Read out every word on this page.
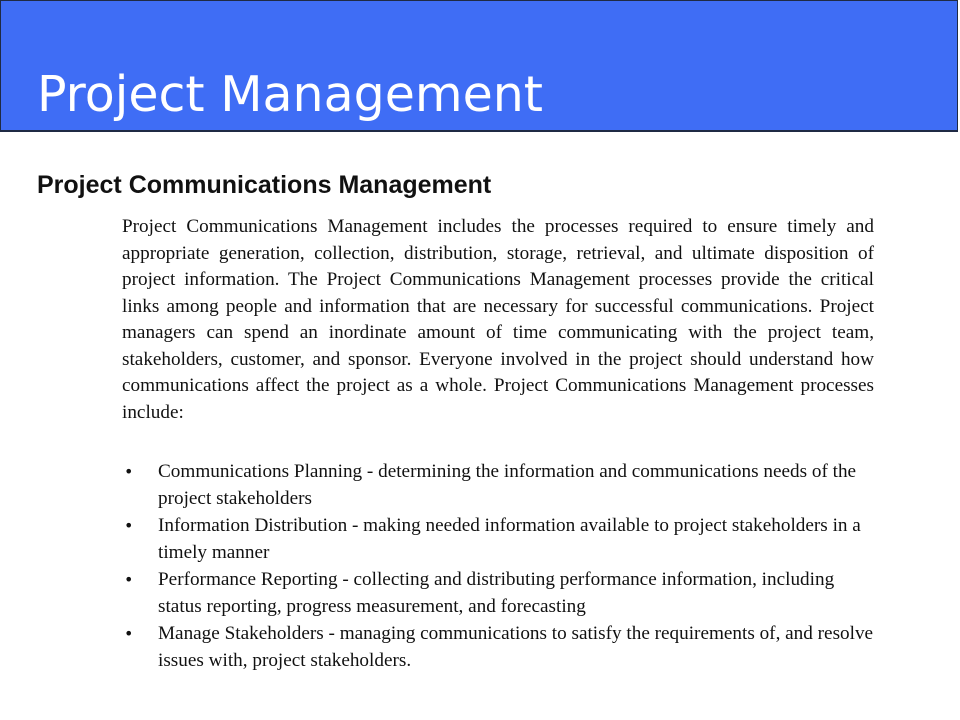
Project Management
Project Communications Management
Project Communications Management includes the processes required to ensure timely and appropriate generation, collection, distribution, storage, retrieval, and ultimate disposition of project information. The Project Communications Management processes provide the critical links among people and information that are necessary for successful communications. Project managers can spend an inordinate amount of time communicating with the project team, stakeholders, customer, and sponsor. Everyone involved in the project should understand how communications affect the project as a whole. Project Communications Management processes include:
• Communications Planning - determining the information and communications needs of the project stakeholders
• Information Distribution - making needed information available to project stakeholders in a timely manner
• Performance Reporting - collecting and distributing performance information, including status reporting, progress measurement, and forecasting
• Manage Stakeholders - managing communications to satisfy the requirements of, and resolve issues with, project stakeholders.
